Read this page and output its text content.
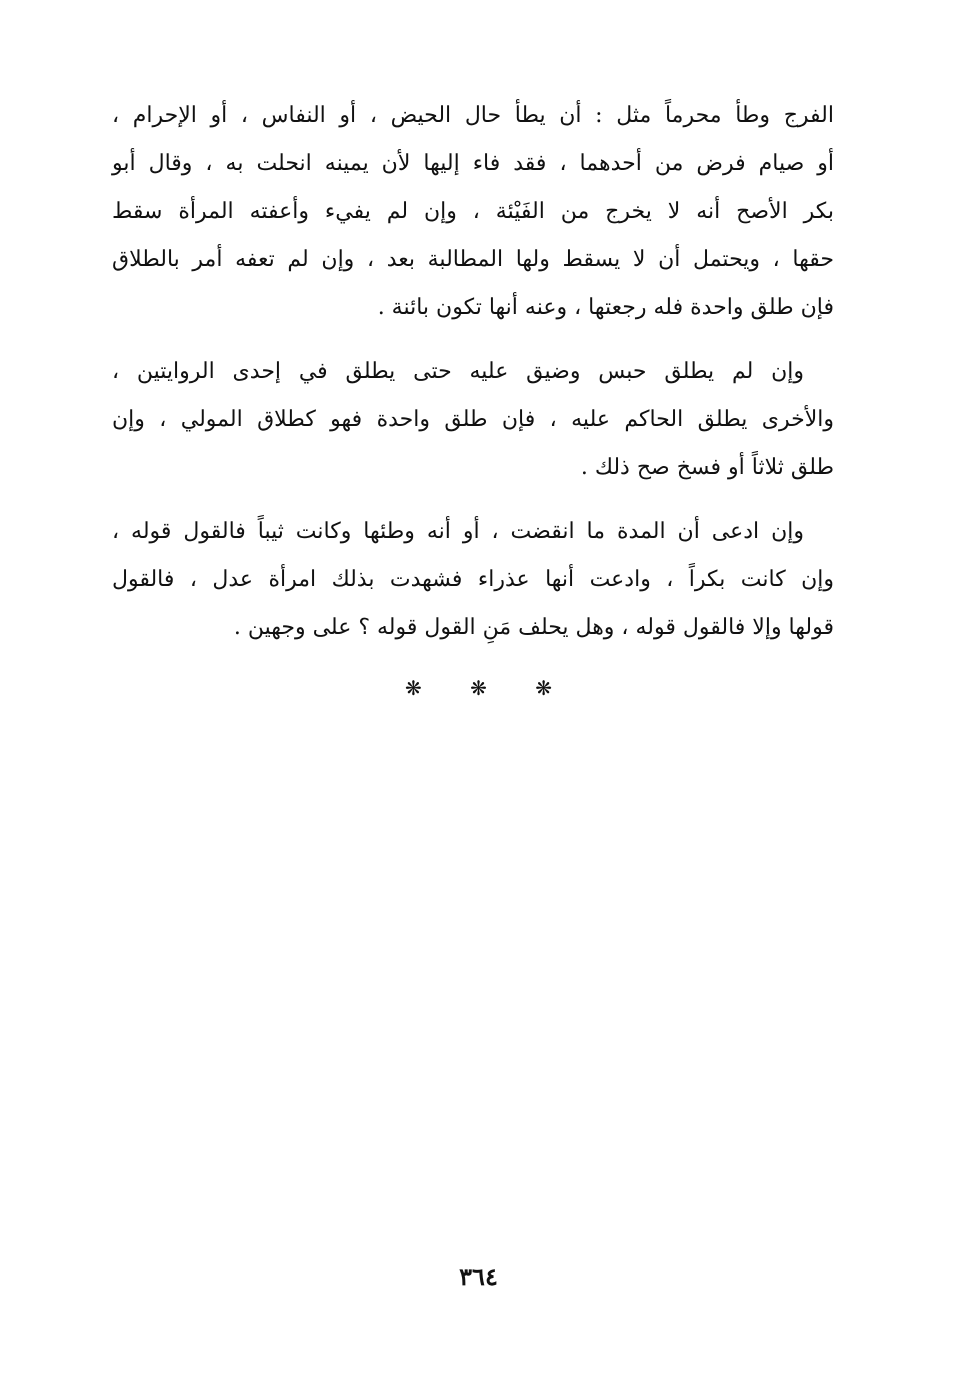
الفرج وطأ محرماً مثل : أن يطأ حال الحيض ، أو النفاس ، أو الإحرام ،
أو صيام فرض من أحدهما ، فقد فاء إليها لأن يمينه انحلت به ، وقال أبو
بكر الأصح أنه لا يخرج من الفَيْئة ، وإن لم يفيء وأعفته المرأة سقط
حقها ، ويحتمل أن لا يسقط ولها المطالبة بعد ، وإن لم تعفه أمر بالطلاق
فإن طلق واحدة فله رجعتها ، وعنه أنها تكون بائنة .
وإن لم يطلق حبس وضيق عليه حتى يطلق في إحدى الروايتين ،
والأخرى يطلق الحاكم عليه ، فإن طلق واحدة فهو كطلاق المولي ، وإن
طلق ثلاثاً أو فسخ صح ذلك .
وإن ادعى أن المدة ما انقضت ، أو أنه وطئها وكانت ثيباً فالقول قوله ،
وإن كانت بكراً ، وادعت أنها عذراء فشهدت بذلك امرأة عدل ، فالقول
قولها وإلا فالقول قوله ، وهل يحلف مَنِ القول قوله ؟ على وجهين .
❋ ❋ ❋
٣٦٤
